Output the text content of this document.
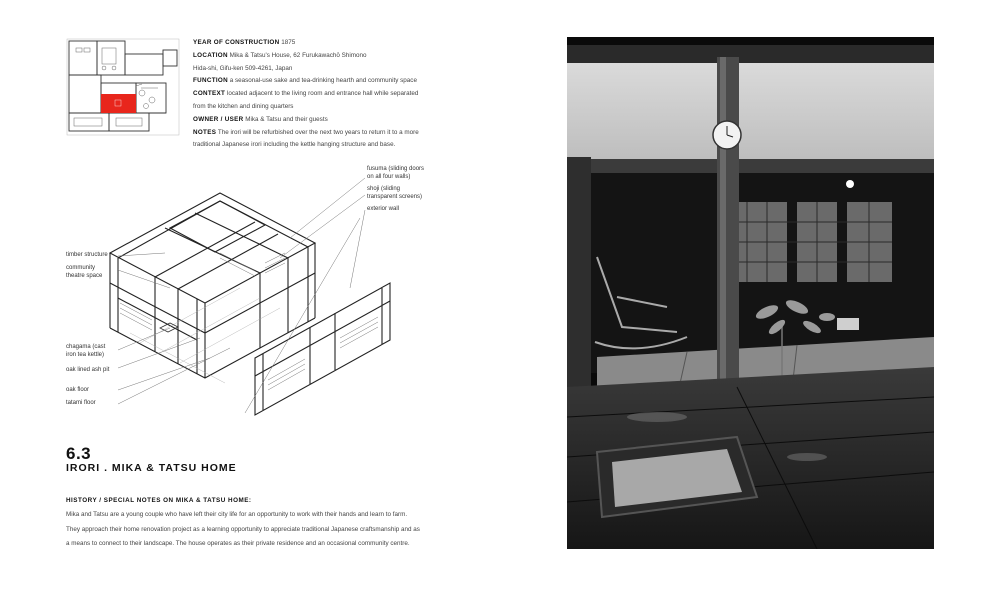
YEAR OF CONSTRUCTION 1875
LOCATION Mika & Tatsu's House, 62 Furukawachō Shimono
Hida-shi, Gifu-ken 509-4261, Japan
FUNCTION a seasonal-use sake and tea-drinking hearth and community space
CONTEXT located adjacent to the living room and entrance hall while separated
from the kitchen and dining quarters
OWNER / USER Mika & Tatsu and their guests
NOTES The irori will be refurbished over the next two years to return it to a more
traditional Japanese irori including the kettle hanging structure and base.
timber structure
community
theatre space
chagama (cast
iron tea kettle)
oak lined ash pit
oak floor
tatami floor
fusuma (sliding doors
on all four walls)
shoji (sliding
transparent screens)
exterior wall
6.3
IRORI . MIKA & TATSU HOME
HISTORY / SPECIAL NOTES ON MIKA & TATSU HOME:
Mika and Tatsu are a young couple who have left their city life for an opportunity to work with their hands and learn to farm.
They approach their home renovation project as a learning opportunity to appreciate traditional Japanese craftsmanship and as
a means to connect to their landscape. The house operates as their private residence and an occasional community centre.
